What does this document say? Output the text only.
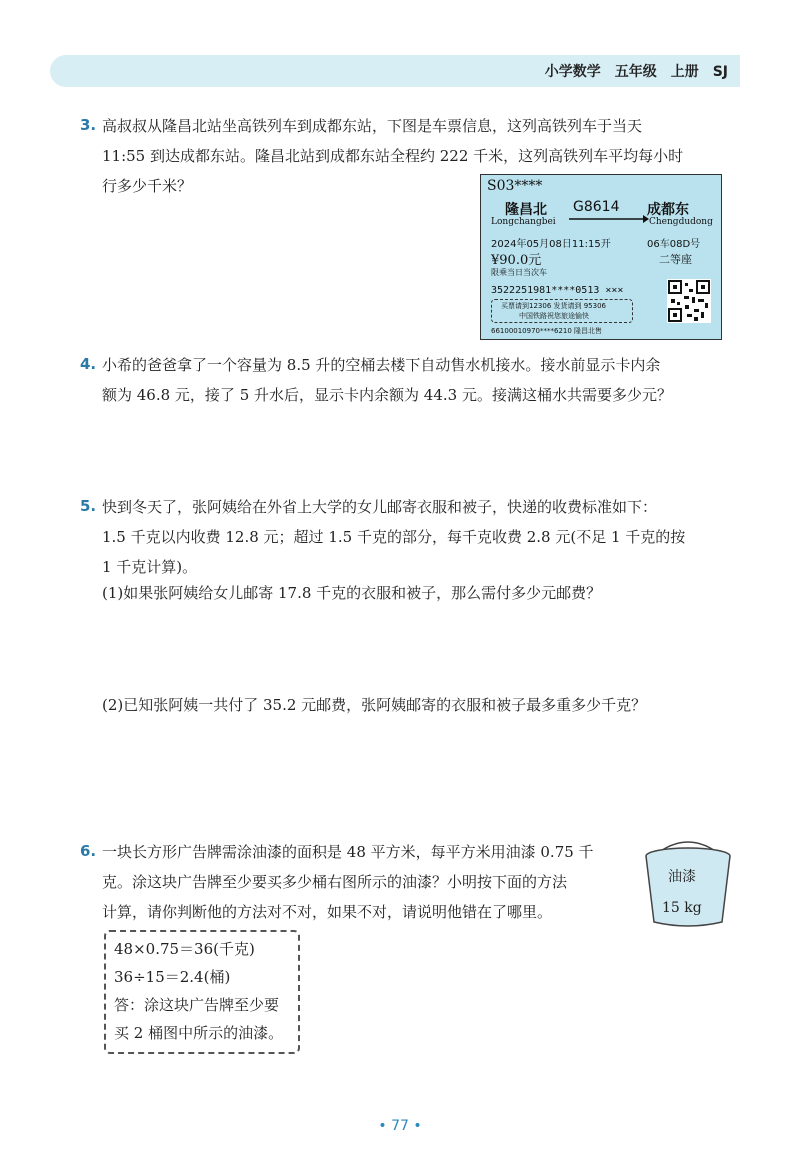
小学数学　五年级　上册　SJ
3. 高叔叔从隆昌北站坐高铁列车到成都东站，下图是车票信息，这列高铁列车于当天
11:55 到达成都东站。隆昌北站到成都东站全程约 222 千米，这列高铁列车平均每小时
行多少千米？	S03****
隆昌北 G8614 成都东
Longchangbei	Chengdudong
2024年05月08日11:15开	06车08D号
¥90.0元	二等座
限乘当日当次车
3522251981****0513 ×××
买票请到12306 发货请到 95306
中国铁路祝您旅途愉快
66100010970****6210 隆昌北售
4. 小希的爸爸拿了一个容量为 8.5 升的空桶去楼下自动售水机接水。接水前显示卡内余
额为 46.8 元，接了 5 升水后，显示卡内余额为 44.3 元。接满这桶水共需要多少元？
5. 快到冬天了，张阿姨给在外省上大学的女儿邮寄衣服和被子，快递的收费标准如下：
1.5 千克以内收费 12.8 元；超过 1.5 千克的部分，每千克收费 2.8 元(不足 1 千克的按
1 千克计算)。
(1)如果张阿姨给女儿邮寄 17.8 千克的衣服和被子，那么需付多少元邮费？
(2)已知张阿姨一共付了 35.2 元邮费，张阿姨邮寄的衣服和被子最多重多少千克？
6. 一块长方形广告牌需涂油漆的面积是 48 平方米，每平方米用油漆 0.75 千
克。涂这块广告牌至少要买多少桶右图所示的油漆？小明按下面的方法
计算，请你判断他的方法对不对，如果不对，请说明他错在了哪里。
油漆
15 kg
48×0.75＝36(千克)
36÷15＝2.4(桶)
答：涂这块广告牌至少要
买 2 桶图中所示的油漆。
• 77 •
